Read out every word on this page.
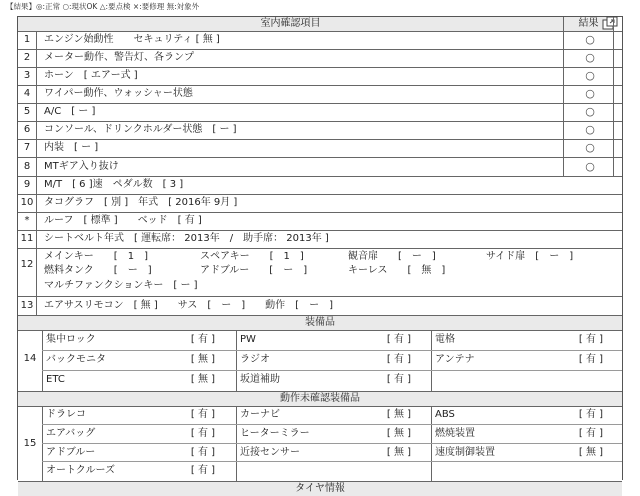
【結果】◎:正常 ○:現状OK △:要点検 ×:要修理 無:対象外
室内確認項目	結果
1	エンジン始動性　　セキュリティ [ 無 ]	○
2	メーター動作、警告灯、各ランプ	○
3	ホーン　[ エアー式 ]	○
4	ワイパー動作、ウォッシャー状態	○
5	A/C　[ ー ]	○
6	コンソール、ドリンクホルダー状態　[ ー ]	○
7	内装　[ ー ]	○
8	MTギア入り抜け	○
9	M/T　[ 6 ]速　ペダル数　[ 3 ]
10 タコグラフ　[ 別 ]　年式　[ 2016年 9月 ]
*	ルーフ　[ 標準 ]　　ベッド　[ 有 ]
11 シートベルト年式　[ 運転席： 2013年　/　助手席： 2013年 ]
12
メインキー　　[　1　]	スペアキー　　[　1　]	観音扉　　[　ー　]	サイド扉　[　ー　]
燃料タンク　　[　ー　]	アドブルー　　[　ー　]	キーレス　　[　無　]
マルチファンクションキー　[ ー ]
13 エアサスリモコン　[ 無 ]　　サス　[　ー　]　　動作　[　ー　]
装備品
14
集中ロック	[ 有 ]	PW	[ 有 ]	電格	[ 有 ]
バックモニタ	[ 無 ]	ラジオ	[ 有 ]	アンテナ	[ 有 ]
ETC	[ 無 ]	坂道補助	[ 有 ]
動作未確認装備品
15
ドラレコ	[ 有 ]	カーナビ	[ 無 ]	ABS	[ 有 ]
エアバッグ	[ 有 ]	ヒーターミラー	[ 無 ]	燃焼装置	[ 有 ]
アドブルー	[ 有 ]	近接センサー	[ 無 ]	速度制御装置	[ 無 ]
オートクルーズ	[ 有 ]
タイヤ情報
